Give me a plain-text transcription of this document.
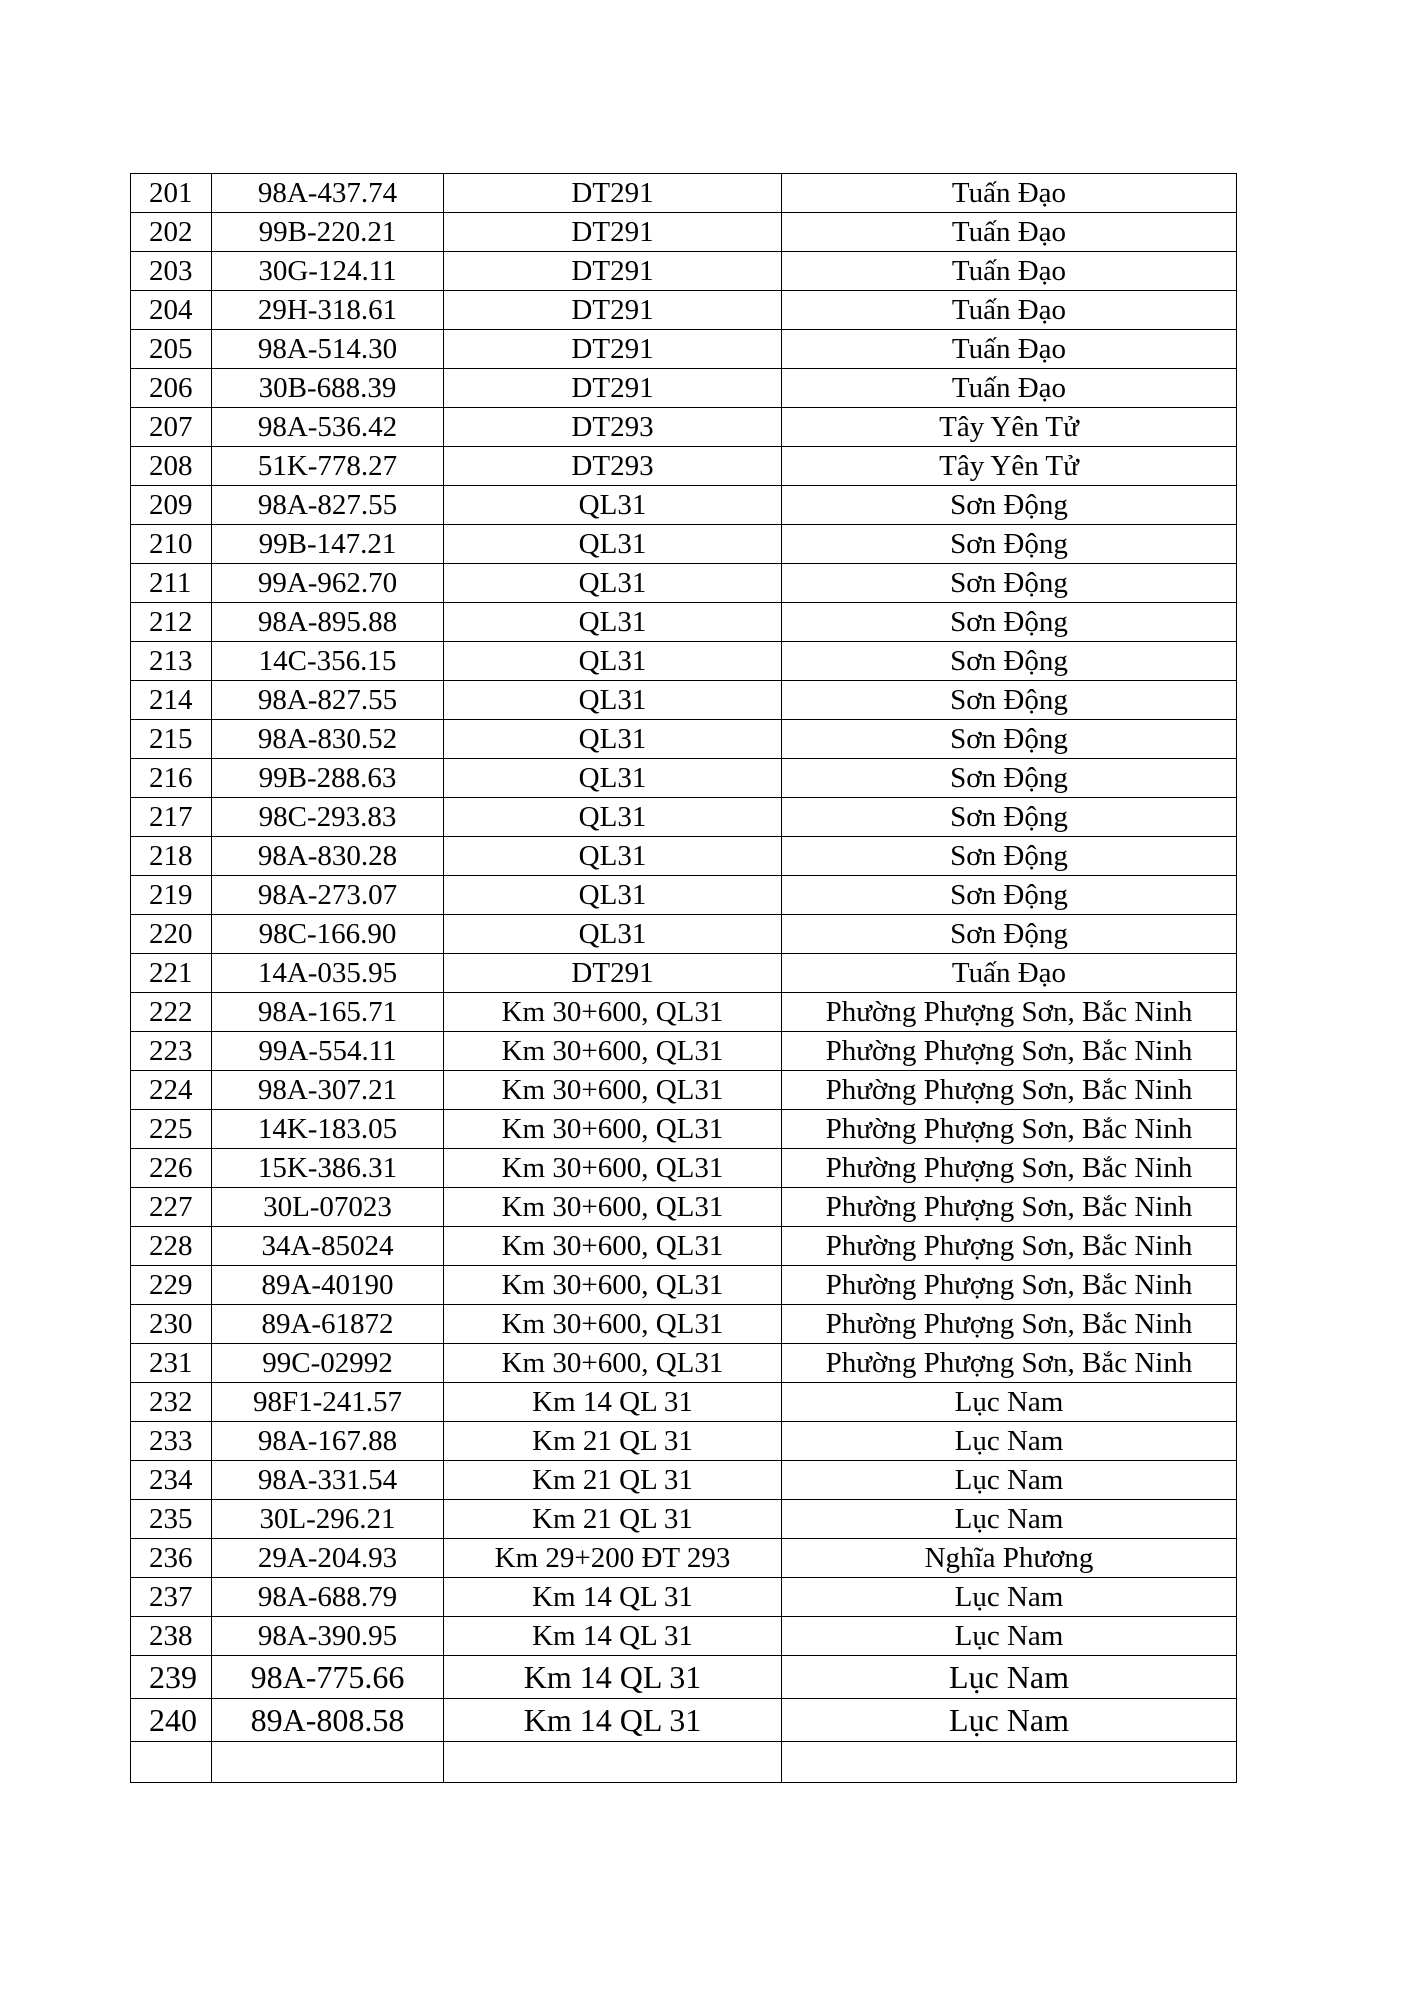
201	98A-437.74	DT291	Tuấn Đạo
202	99B-220.21	DT291	Tuấn Đạo
203	30G-124.11	DT291	Tuấn Đạo
204	29H-318.61	DT291	Tuấn Đạo
205	98A-514.30	DT291	Tuấn Đạo
206	30B-688.39	DT291	Tuấn Đạo
207	98A-536.42	DT293	Tây Yên Tử
208	51K-778.27	DT293	Tây Yên Tử
209	98A-827.55	QL31	Sơn Động
210	99B-147.21	QL31	Sơn Động
211	99A-962.70	QL31	Sơn Động
212	98A-895.88	QL31	Sơn Động
213	14C-356.15	QL31	Sơn Động
214	98A-827.55	QL31	Sơn Động
215	98A-830.52	QL31	Sơn Động
216	99B-288.63	QL31	Sơn Động
217	98C-293.83	QL31	Sơn Động
218	98A-830.28	QL31	Sơn Động
219	98A-273.07	QL31	Sơn Động
220	98C-166.90	QL31	Sơn Động
221	14A-035.95	DT291	Tuấn Đạo
222	98A-165.71	Km 30+600, QL31	Phường Phượng Sơn, Bắc Ninh
223	99A-554.11	Km 30+600, QL31	Phường Phượng Sơn, Bắc Ninh
224	98A-307.21	Km 30+600, QL31	Phường Phượng Sơn, Bắc Ninh
225	14K-183.05	Km 30+600, QL31	Phường Phượng Sơn, Bắc Ninh
226	15K-386.31	Km 30+600, QL31	Phường Phượng Sơn, Bắc Ninh
227	30L-07023	Km 30+600, QL31	Phường Phượng Sơn, Bắc Ninh
228	34A-85024	Km 30+600, QL31	Phường Phượng Sơn, Bắc Ninh
229	89A-40190	Km 30+600, QL31	Phường Phượng Sơn, Bắc Ninh
230	89A-61872	Km 30+600, QL31	Phường Phượng Sơn, Bắc Ninh
231	99C-02992	Km 30+600, QL31	Phường Phượng Sơn, Bắc Ninh
232	98F1-241.57	Km 14 QL 31	Lục Nam
233	98A-167.88	Km 21 QL 31	Lục Nam
234	98A-331.54	Km 21 QL 31	Lục Nam
235	30L-296.21	Km 21 QL 31	Lục Nam
236	29A-204.93	Km 29+200 ĐT 293	Nghĩa Phương
237	98A-688.79	Km 14 QL 31	Lục Nam
238	98A-390.95	Km 14 QL 31	Lục Nam
239	98A-775.66	Km 14 QL 31	Lục Nam
240	89A-808.58	Km 14 QL 31	Lục Nam
